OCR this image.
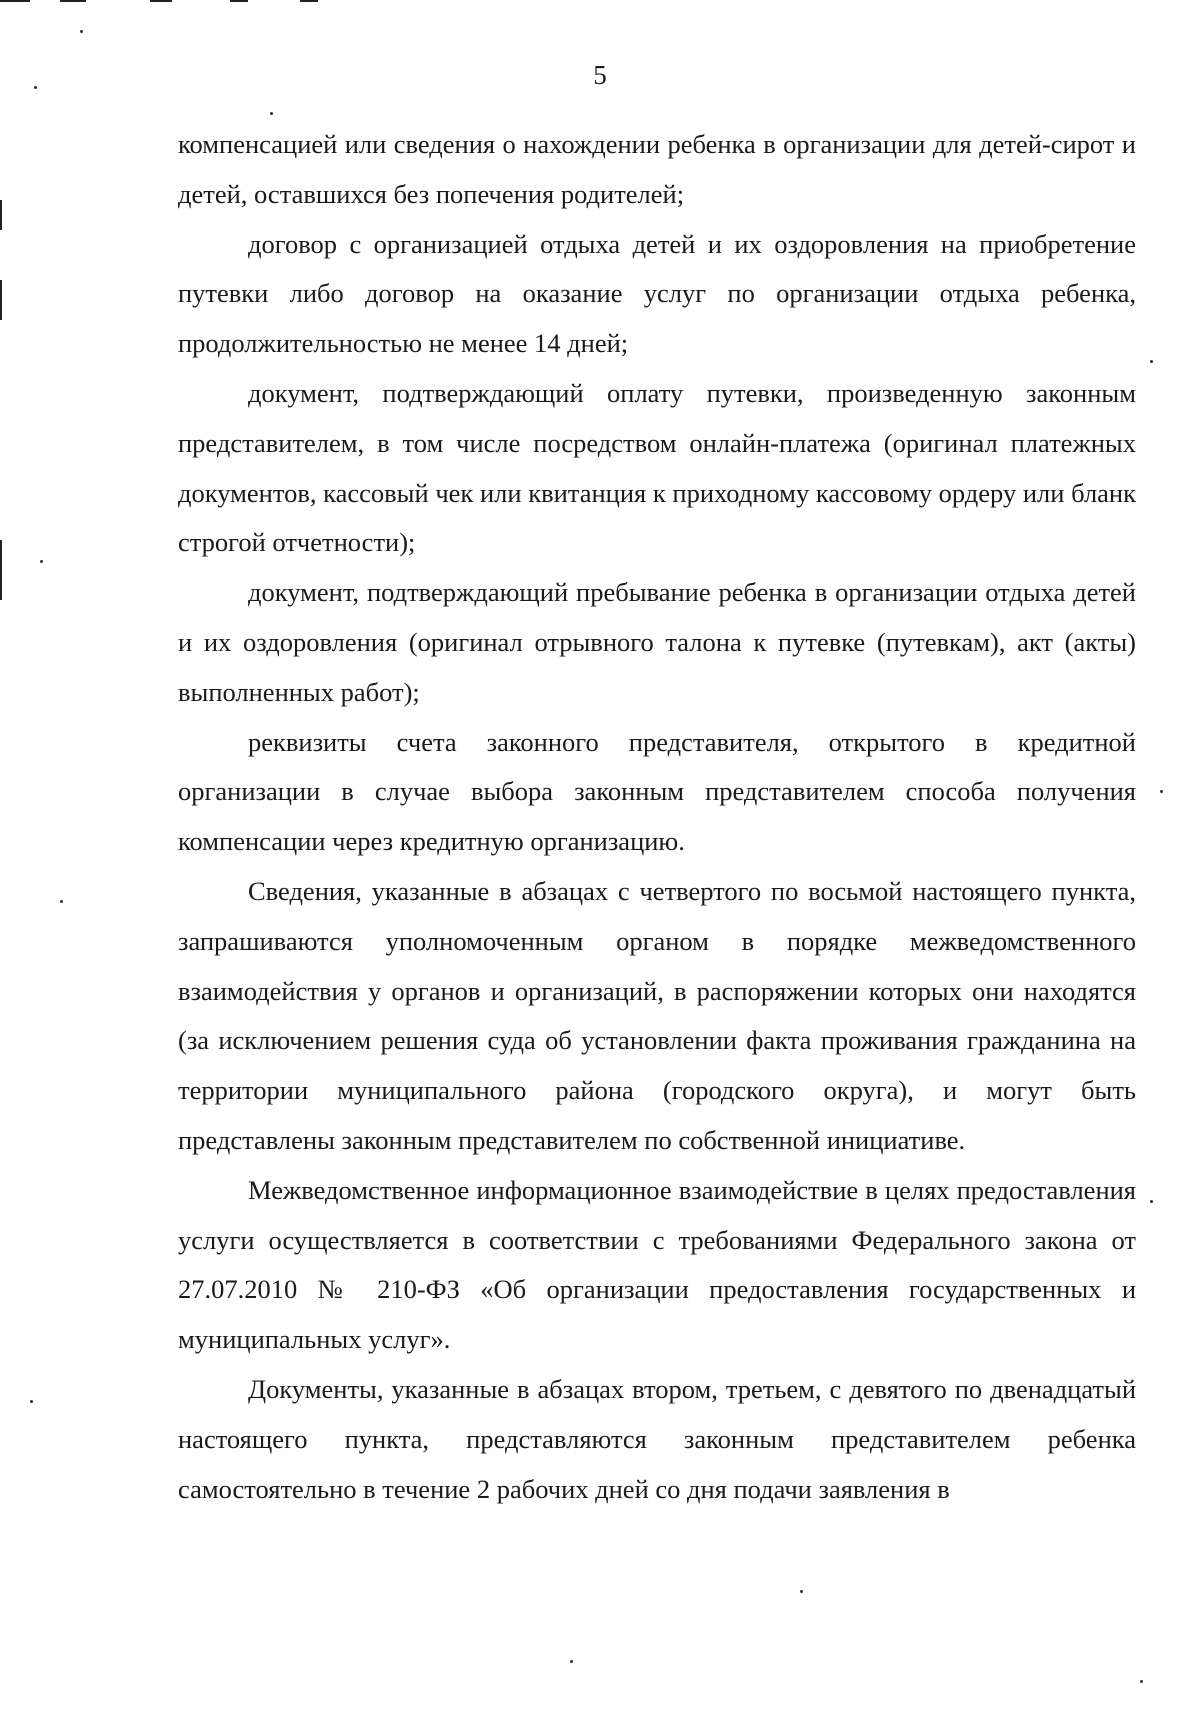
5

компенсацией или сведения о нахождении ребенка в организации для детей-сирот и детей, оставшихся без попечения родителей;

договор с организацией отдыха детей и их оздоровления на приобретение путевки либо договор на оказание услуг по организации отдыха ребенка, продолжительностью не менее 14 дней;

документ, подтверждающий оплату путевки, произведенную законным представителем, в том числе посредством онлайн-платежа (оригинал платежных документов, кассовый чек или квитанция к приходному кассовому ордеру или бланк строгой отчетности);

документ, подтверждающий пребывание ребенка в организации отдыха детей и их оздоровления (оригинал отрывного талона к путевке (путевкам), акт (акты) выполненных работ);

реквизиты счета законного представителя, открытого в кредитной организации в случае выбора законным представителем способа получения компенсации через кредитную организацию.

Сведения, указанные в абзацах с четвертого по восьмой настоящего пункта, запрашиваются уполномоченным органом в порядке межведомственного взаимодействия у органов и организаций, в распоряжении которых они находятся (за исключением решения суда об установлении факта проживания гражданина на территории муниципального района (городского округа), и могут быть представлены законным представителем по собственной инициативе.

Межведомственное информационное взаимодействие в целях предоставления услуги осуществляется в соответствии с требованиями Федерального закона от 27.07.2010 № 210-ФЗ «Об организации предоставления государственных и муниципальных услуг».

Документы, указанные в абзацах втором, третьем, с девятого по двенадцатый настоящего пункта, представляются законным представителем ребенка самостоятельно в течение 2 рабочих дней со дня подачи заявления в
